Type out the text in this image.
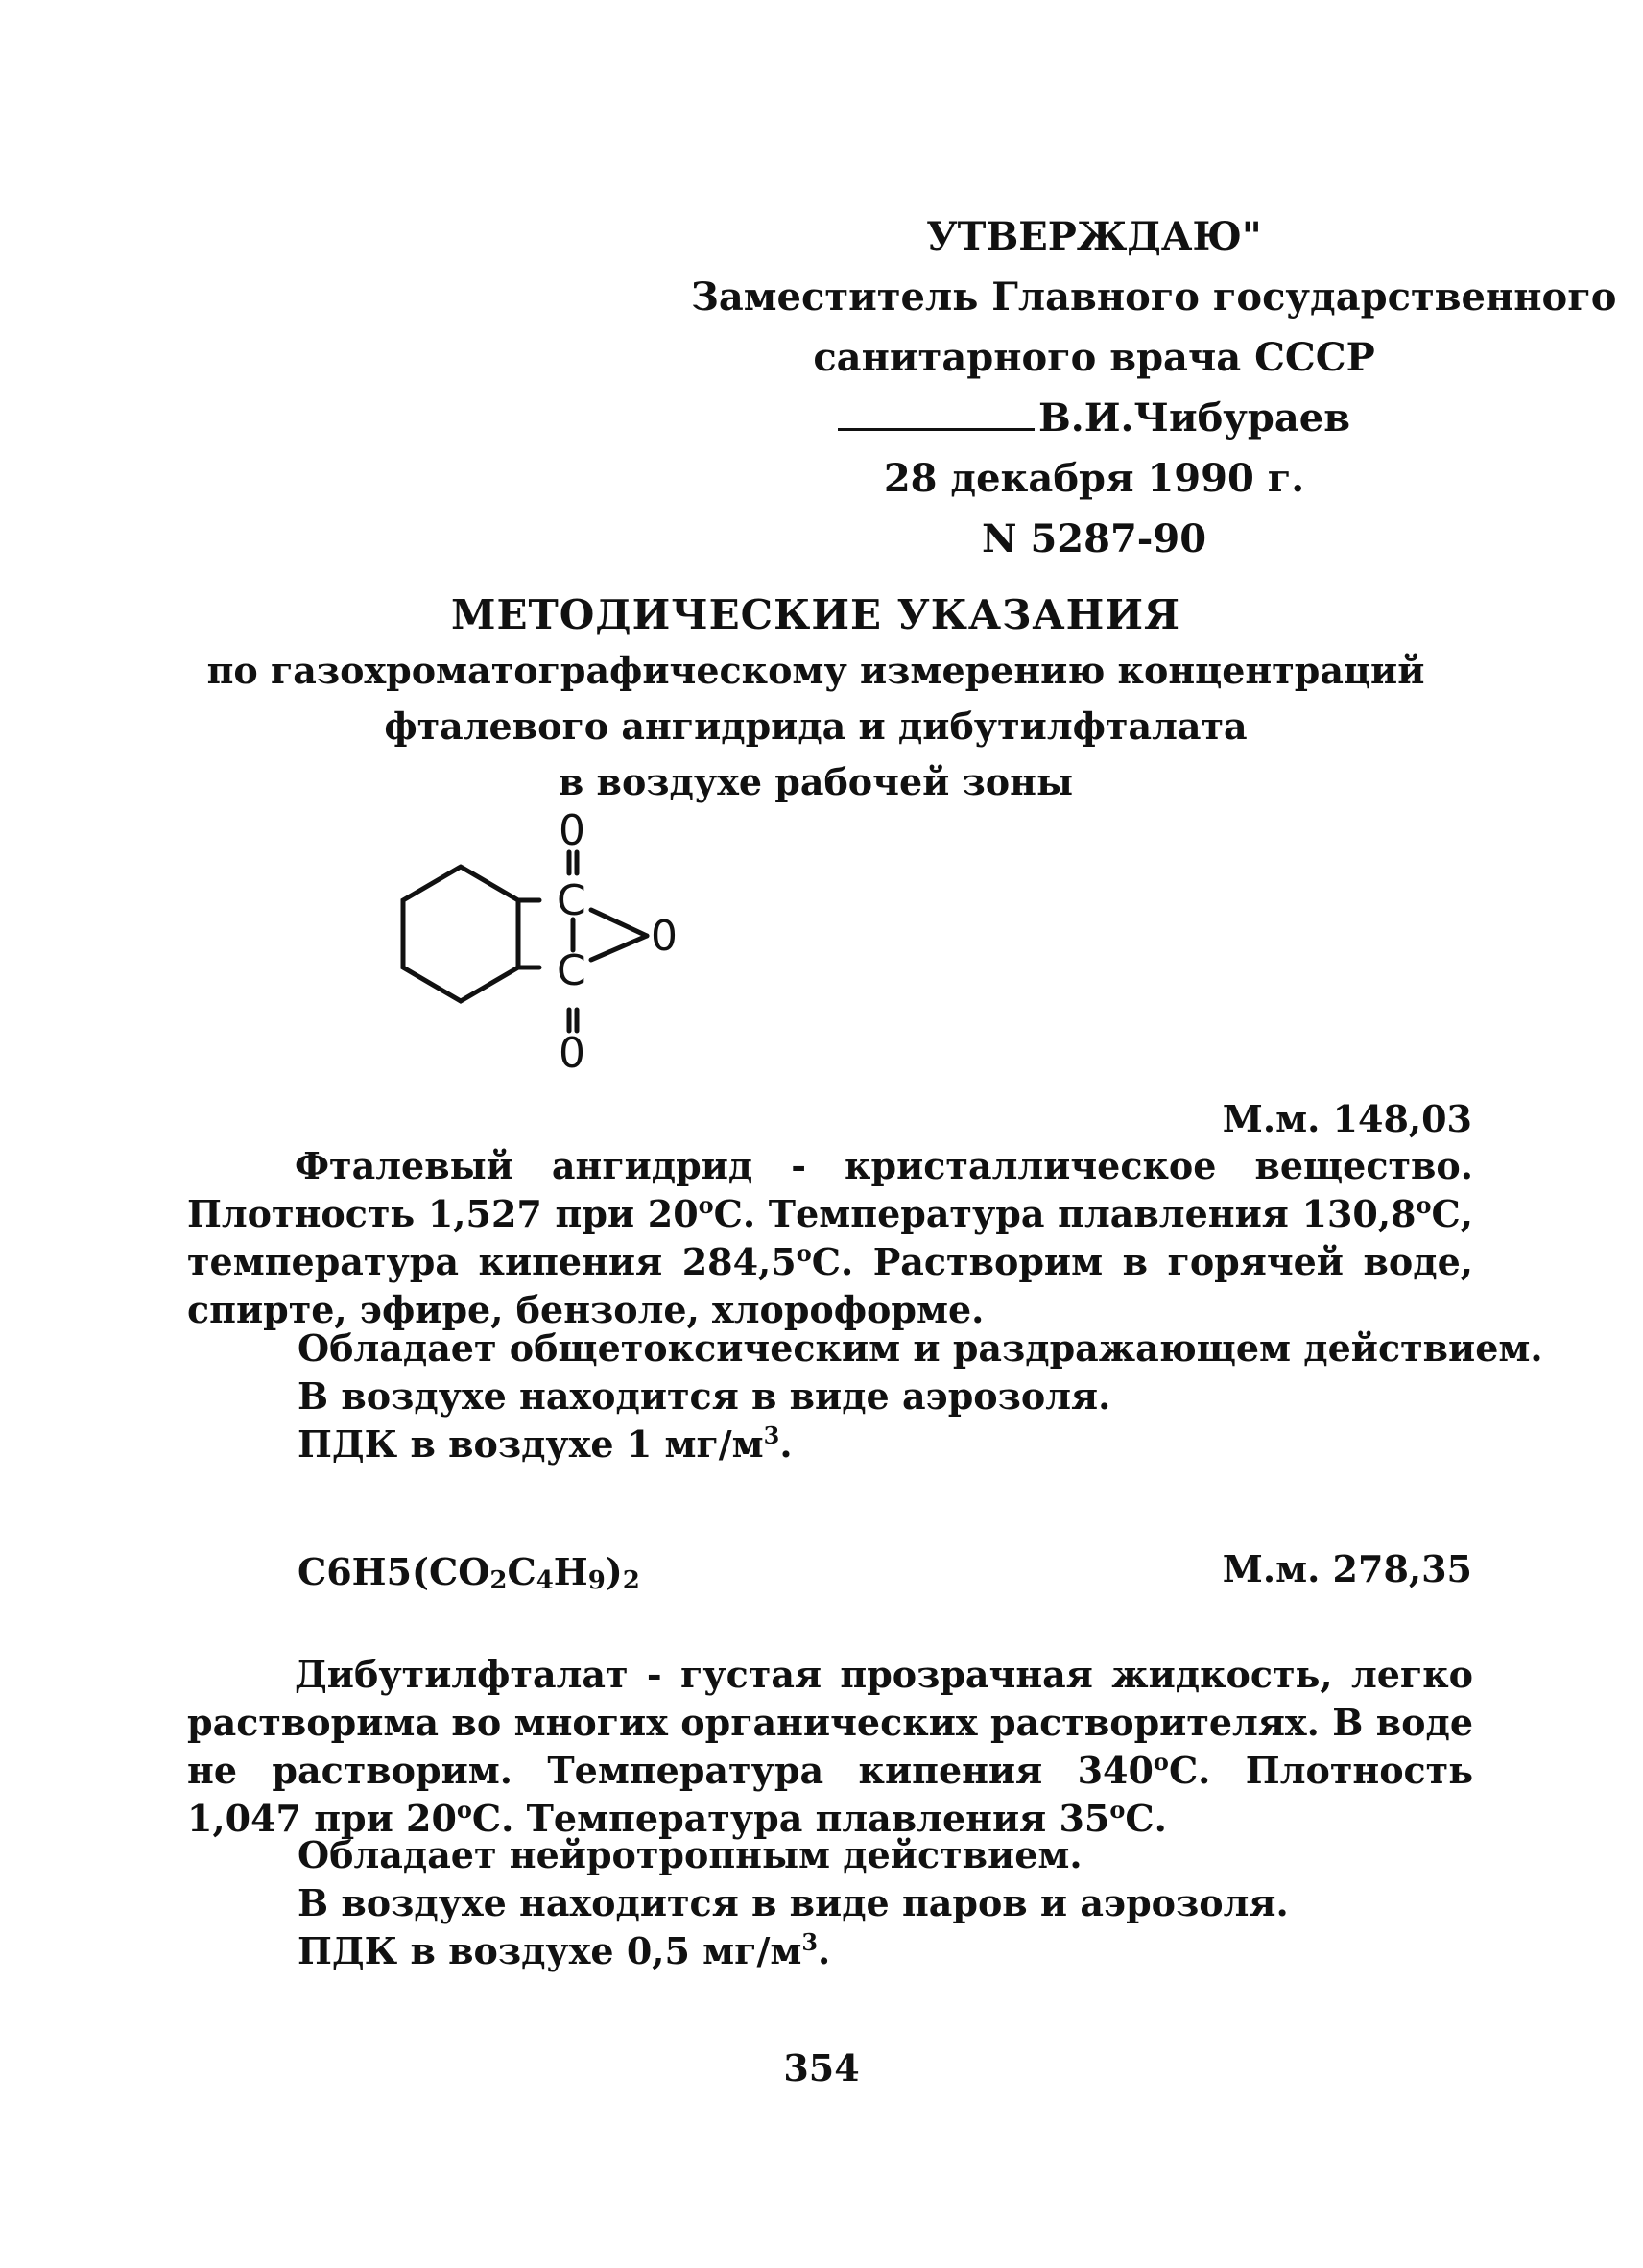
УТВЕРЖДАЮ"
Заместитель Главного государственного
санитарного врача СССР
В.И.Чибураев
28 декабря 1990 г.
N 5287-90
МЕТОДИЧЕСКИЕ УКАЗАНИЯ
по газохроматографическому измерению концентраций
фталевого ангидрида и дибутилфталата
в воздухе рабочей зоны
0
C
0
C
0
М.м. 148,03

Фталевый ангидрид - кристаллическое вещество. Плотность 1,527 при $20^оС$. Температура плавления $130,8^оС$, температура кипения $284,5^оС$. Растворим в горячей воде, спирте, эфире, бензоле, хлороформе.

Обладает общетоксическим и раздражающем действием.
В воздухе находится в виде аэрозоля.
ПДК в воздухе 1 $мг/м^3$.
$C6H5(CO_2C_4H_9)_2$	М.м. 278,35

Дибутилфталат - густая прозрачная жидкость, легко растворима во многих органических растворителях. В воде не растворим. Температура кипения $340^оС$. Плотность 1,047 при $20^оС$. Температура плавления $35^оС$.

Обладает нейротропным действием.
В воздухе находится в виде паров и аэрозоля.
ПДК в воздухе 0,5 $мг/м^3$.
354
